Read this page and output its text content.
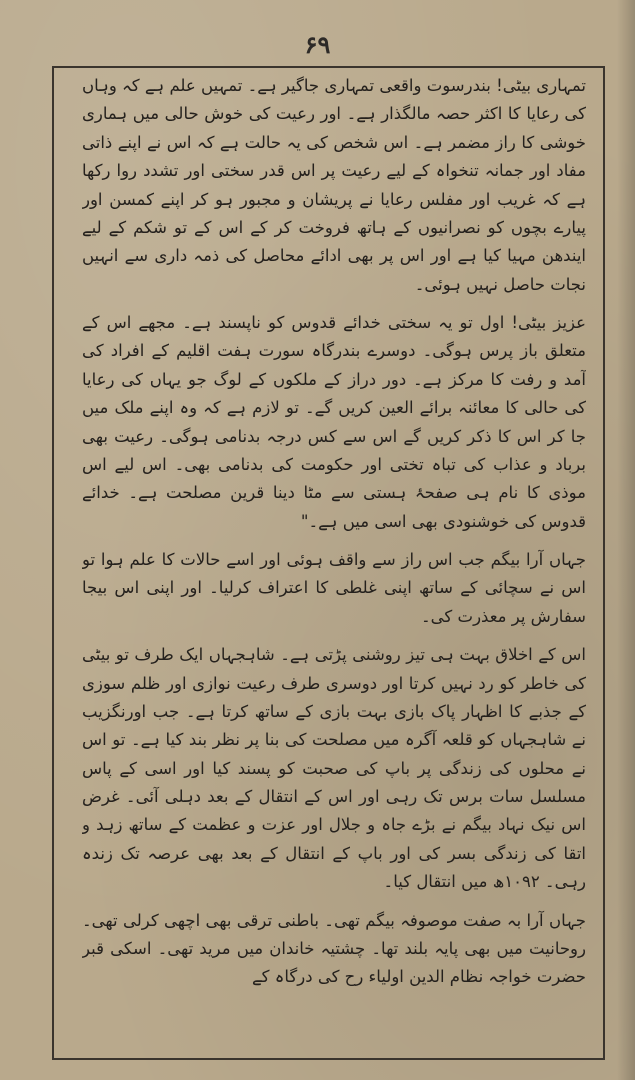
۶۹

تمہاری بیٹی! بندرسوت واقعی تمہاری جاگیر ہے۔ تمہیں علم ہے کہ وہاں کی رعایا کا اکثر حصہ مالگذار ہے۔ اور رعیت کی خوش حالی میں ہماری خوشی کا راز مضمر ہے۔ اس شخص کی یہ حالت ہے کہ اس نے اپنے ذاتی مفاد اور جمانہ تنخواہ کے لیے رعیت پر اس قدر سختی اور تشدد روا رکھا ہے کہ غریب اور مفلس رعایا نے پریشان و مجبور ہو کر اپنے کمسن اور پیارے بچوں کو نصرانیوں کے ہاتھ فروخت کر کے اس کے تو شکم کے لیے ایندھن مہیا کیا ہے اور اس پر بھی ادائے محاصل کی ذمہ داری سے انہیں نجات حاصل نہیں ہوئی۔

عزیز بیٹی! اول تو یہ سختی خدائے قدوس کو ناپسند ہے۔ مجھے اس کے متعلق باز پرس ہوگی۔ دوسرے بندرگاہ سورت ہفت اقلیم کے افراد کی آمد و رفت کا مرکز ہے۔ دور دراز کے ملکوں کے لوگ جو یہاں کی رعایا کی حالی کا معائنہ برائے العین کریں گے۔ تو لازم ہے کہ وہ اپنے ملک میں جا کر اس کا ذکر کریں گے اس سے کس درجہ بدنامی ہوگی۔ رعیت بھی برباد و عذاب کی تباہ تختی اور حکومت کی بدنامی بھی۔ اس لیے اس موذی کا نام ہی صفحۂ ہستی سے مٹا دینا قرین مصلحت ہے۔ خدائے قدوس کی خوشنودی بھی اسی میں ہے۔"

جہاں آرا بیگم جب اس راز سے واقف ہوئی اور اسے حالات کا علم ہوا تو اس نے سچائی کے ساتھ اپنی غلطی کا اعتراف کرلیا۔ اور اپنی اس بیجا سفارش پر معذرت کی۔

اس کے اخلاق بہت ہی تیز روشنی پڑتی ہے۔ شاہجہاں ایک طرف تو بیٹی کی خاطر کو رد نہیں کرتا اور دوسری طرف رعیت نوازی اور ظلم سوزی کے جذبے کا اظہار پاک بازی بہت بازی کے ساتھ کرتا ہے۔ جب اورنگزیب نے شاہجہاں کو قلعہ آگرہ میں مصلحت کی بنا پر نظر بند کیا ہے۔ تو اس نے محلوں کی زندگی پر باپ کی صحبت کو پسند کیا اور اسی کے پاس مسلسل سات برس تک رہی اور اس کے انتقال کے بعد دہلی آئی۔ غرض اس نیک نہاد بیگم نے بڑے جاہ و جلال اور عزت و عظمت کے ساتھ زہد و اتقا کی زندگی بسر کی اور باپ کے انتقال کے بعد بھی عرصہ تک زندہ رہی۔ ۱۰۹۲ھ میں انتقال کیا۔

جہاں آرا بہ صفت موصوفہ بیگم تھی۔ باطنی ترقی بھی اچھی کرلی تھی۔ روحانیت میں بھی پایہ بلند تھا۔ چشتیہ خاندان میں مرید تھی۔ اسکی قبر حضرت خواجہ نظام الدین اولیاء رح کی درگاہ کے
